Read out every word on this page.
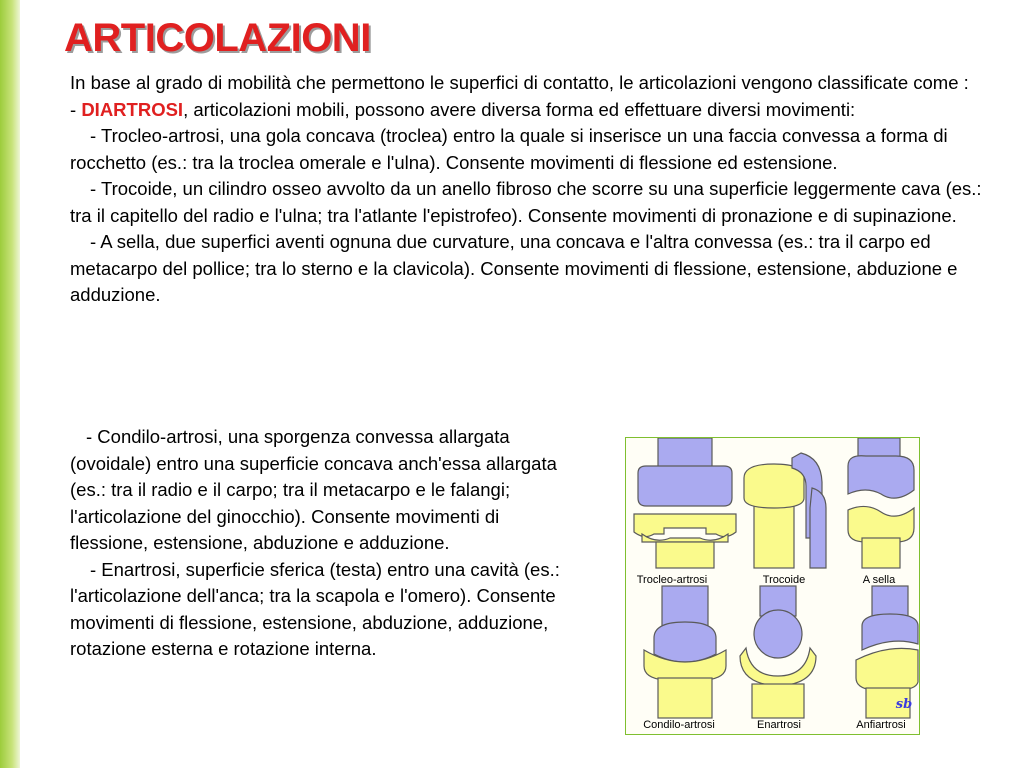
ARTICOLAZIONI

In base al grado di mobilità che permettono le superfici di contatto, le articolazioni vengono classificate come :

- DIARTROSI, articolazioni mobili, possono avere diversa forma ed effettuare diversi movimenti:

- Trocleo-artrosi, una gola concava (troclea) entro la quale si inserisce un una faccia convessa a forma di rocchetto (es.: tra la troclea omerale e l'ulna). Consente movimenti di flessione ed estensione.

- Trocoide, un cilindro osseo avvolto da un anello fibroso che scorre su una superficie leggermente cava (es.: tra il capitello del radio e l'ulna; tra l'atlante l'epistrofeo). Consente movimenti di pronazione e di supinazione.

- A sella, due superfici aventi ognuna due curvature, una concava e l'altra convessa (es.: tra il carpo ed metacarpo del pollice; tra lo sterno e la clavicola). Consente movimenti di flessione, estensione, abduzione e adduzione.

- Condilo-artrosi, una sporgenza convessa allargata (ovoidale) entro una superficie concava anch'essa allargata (es.: tra il radio e il carpo; tra il metacarpo e le falangi; l'articolazione del ginocchio). Consente movimenti di flessione, estensione, abduzione e adduzione.

- Enartrosi, superficie sferica (testa) entro una cavità (es.: l'articolazione dell'anca; tra la scapola e l'omero). Consente movimenti di flessione, estensione, abduzione, adduzione, rotazione esterna e rotazione interna.

Trocleo-artrosi	Trocoide	A sella
Condilo-artrosi	Enartrosi	Anfiartrosi
sb
